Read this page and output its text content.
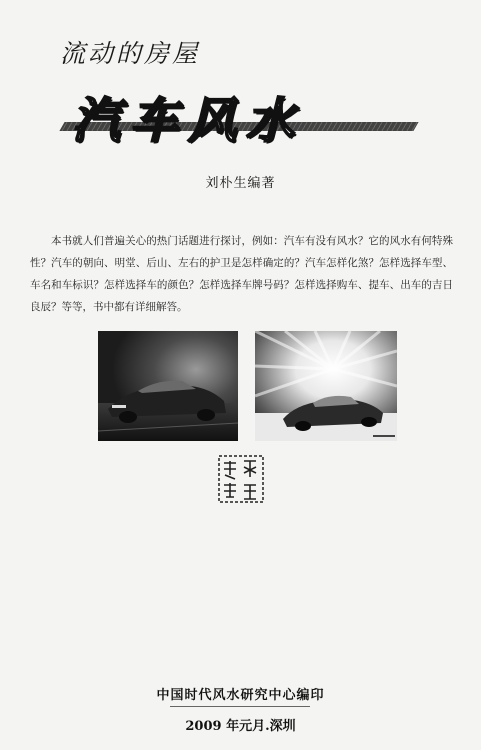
流动的房屋
汽车风水
刘朴生编著

本书就人们普遍关心的热门话题进行探讨，例如：汽车有没有风水？它的风水有何特殊性？汽车的朝向、明堂、后山、左右的护卫是怎样确定的？汽车怎样化煞？怎样选择车型、车名和车标识？怎样选择车的颜色？怎样选择车牌号码？怎样选择购车、提车、出车的吉日良辰？等等，书中都有详细解答。

中国时代风水研究中心编印
2009 年元月.深圳
